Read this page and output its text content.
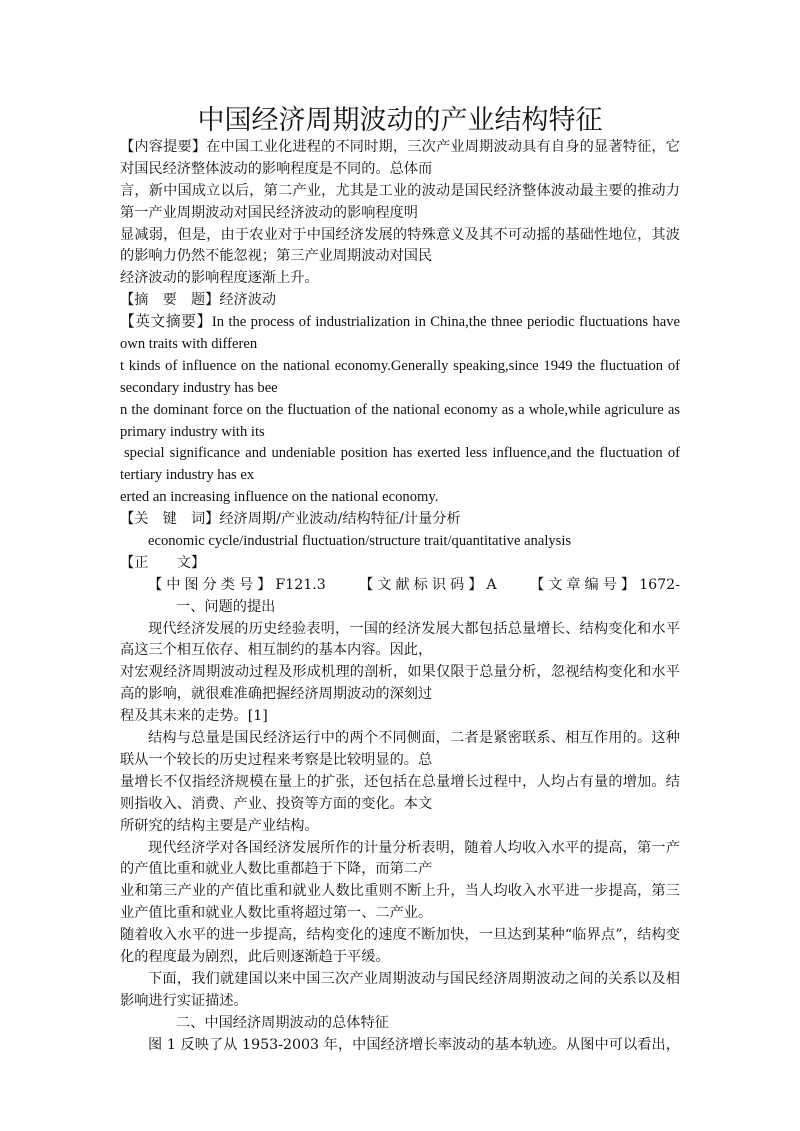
中国经济周期波动的产业结构特征
【内容提要】在中国工业化进程的不同时期，三次产业周期波动具有自身的显著特征，它
对国民经济整体波动的影响程度是不同的。总体而
言，新中国成立以后，第二产业，尤其是工业的波动是国民经济整体波动最主要的推动力
第一产业周期波动对国民经济波动的影响程度明
显减弱，但是，由于农业对于中国经济发展的特殊意义及其不可动摇的基础性地位，其波
的影响力仍然不能忽视；第三产业周期波动对国民
经济波动的影响程度逐渐上升。
【摘　要　题】经济波动
【英文摘要】In the process of industrialization in China,the thnee periodic fluctuations have
own traits with differen
t kinds of influence on the national economy.Generally speaking,since 1949 the fluctuation of
secondary industry has bee
n the dominant force on the fluctuation of the national economy as a whole,while agriculure as
primary industry with its
special significance and undeniable position has exerted less influence,and the fluctuation of
tertiary industry has ex
erted an increasing influence on the national economy.
【关　键　词】经济周期/产业波动/结构特征/计量分析
economic cycle/industrial fluctuation/structure trait/quantitative analysis
【正　　文】
【中图分类号】F121.3　　【文献标识码】A　　【文章编号】1672-
一、问题的提出
现代经济发展的历史经验表明，一国的经济发展大都包括总量增长、结构变化和水平
高这三个相互依存、相互制约的基本内容。因此，
对宏观经济周期波动过程及形成机理的剖析，如果仅限于总量分析，忽视结构变化和水平
高的影响，就很难准确把握经济周期波动的深刻过
程及其未来的走势。[1]
结构与总量是国民经济运行中的两个不同侧面，二者是紧密联系、相互作用的。这种
联从一个较长的历史过程来考察是比较明显的。总
量增长不仅指经济规模在量上的扩张，还包括在总量增长过程中，人均占有量的增加。结
则指收入、消费、产业、投资等方面的变化。本文
所研究的结构主要是产业结构。
现代经济学对各国经济发展所作的计量分析表明，随着人均收入水平的提高，第一产
的产值比重和就业人数比重都趋于下降，而第二产
业和第三产业的产值比重和就业人数比重则不断上升，当人均收入水平进一步提高，第三
业产值比重和就业人数比重将超过第一、二产业。
随着收入水平的进一步提高，结构变化的速度不断加快，一旦达到某种“临界点”，结构变
化的程度最为剧烈，此后则逐渐趋于平缓。
下面，我们就建国以来中国三次产业周期波动与国民经济周期波动之间的关系以及相
影响进行实证描述。
二、中国经济周期波动的总体特征
图 1 反映了从 1953-2003 年，中国经济增长率波动的基本轨迹。从图中可以看出，
